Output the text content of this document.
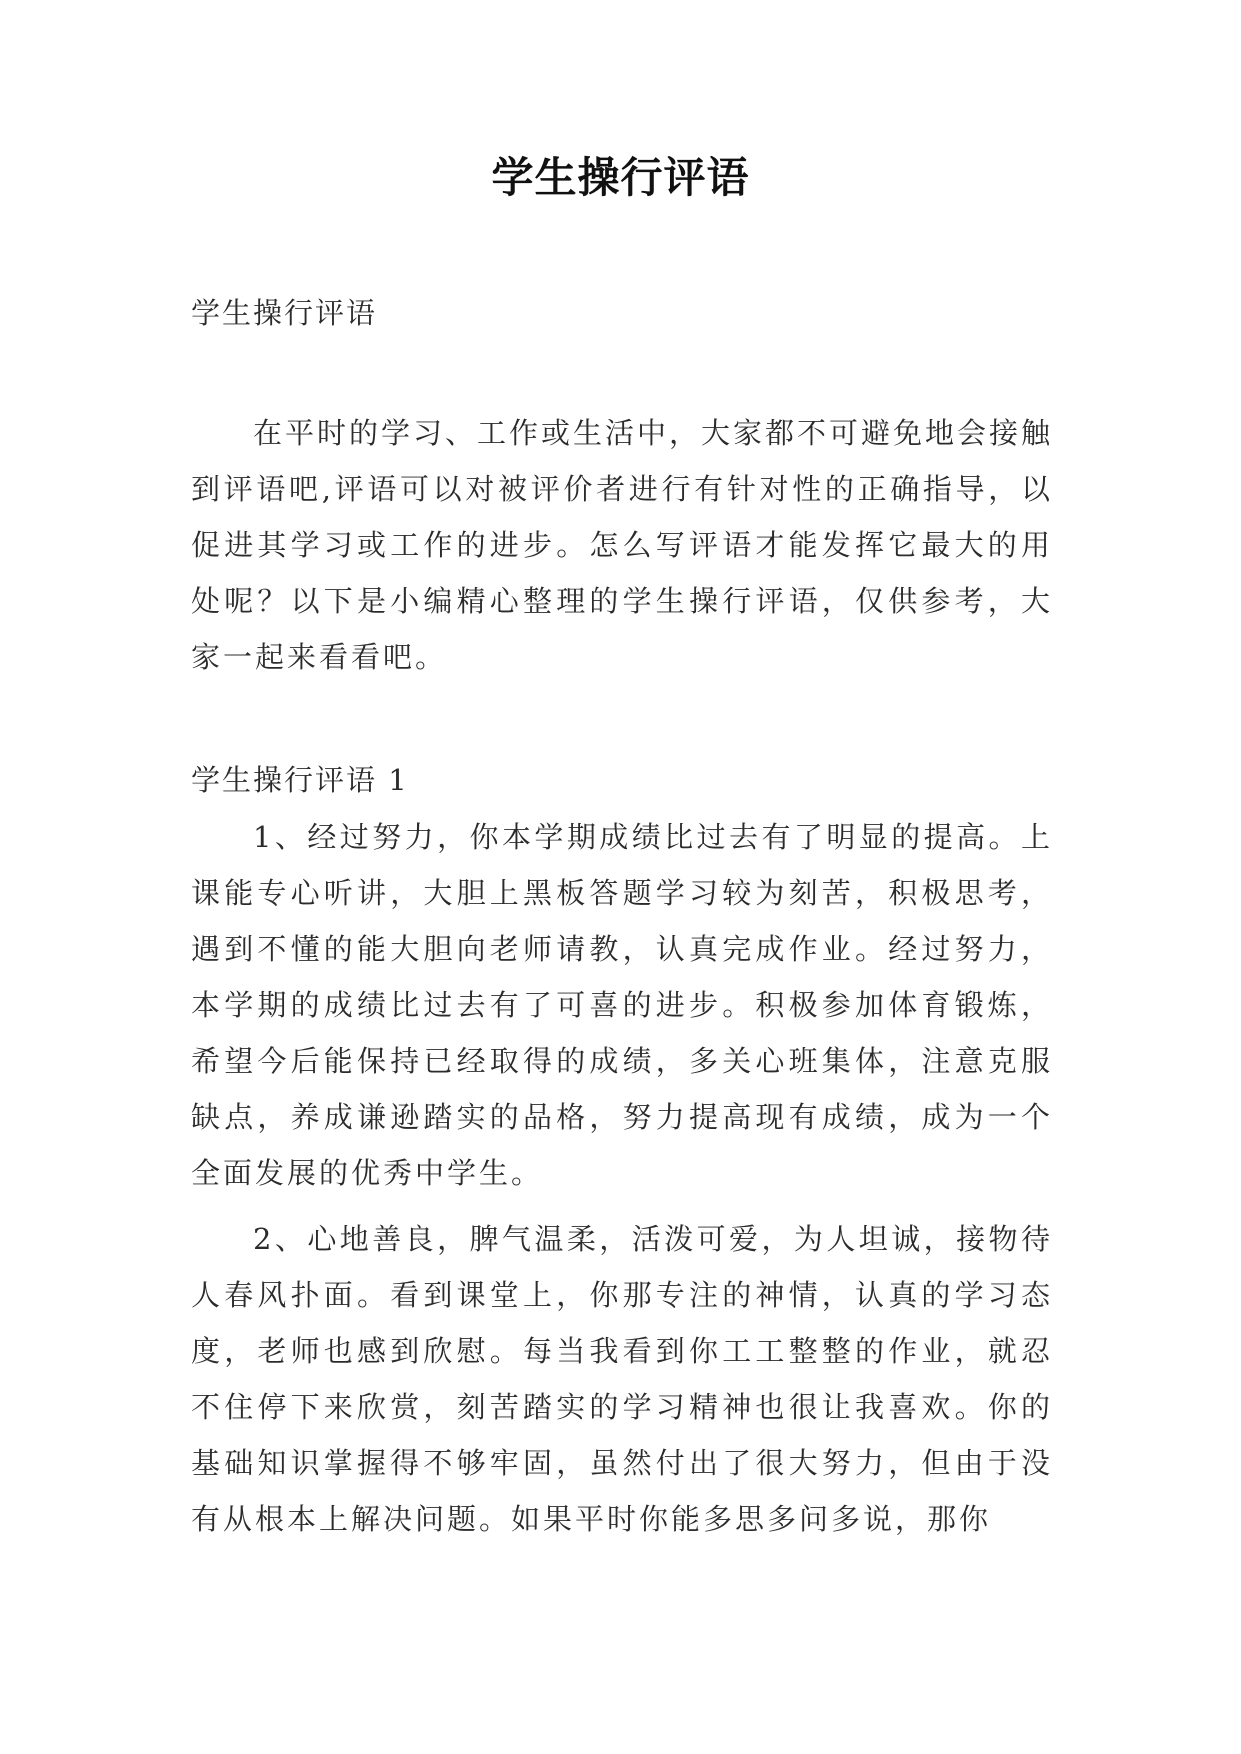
学生操行评语

学生操行评语

在平时的学习、工作或生活中，大家都不可避免地会接触到评语吧,评语可以对被评价者进行有针对性的正确指导，以促进其学习或工作的进步。怎么写评语才能发挥它最大的用处呢？以下是小编精心整理的学生操行评语，仅供参考，大家一起来看看吧。

学生操行评语 1

1、经过努力，你本学期成绩比过去有了明显的提高。上课能专心听讲，大胆上黑板答题学习较为刻苦，积极思考，遇到不懂的能大胆向老师请教，认真完成作业。经过努力，本学期的成绩比过去有了可喜的进步。积极参加体育锻炼，希望今后能保持已经取得的成绩，多关心班集体，注意克服缺点，养成谦逊踏实的品格，努力提高现有成绩，成为一个全面发展的优秀中学生。

2、心地善良，脾气温柔，活泼可爱，为人坦诚，接物待人春风扑面。看到课堂上，你那专注的神情，认真的学习态度，老师也感到欣慰。每当我看到你工工整整的作业，就忍不住停下来欣赏，刻苦踏实的学习精神也很让我喜欢。你的基础知识掌握得不够牢固，虽然付出了很大努力，但由于没有从根本上解决问题。如果平时你能多思多问多说，那你
